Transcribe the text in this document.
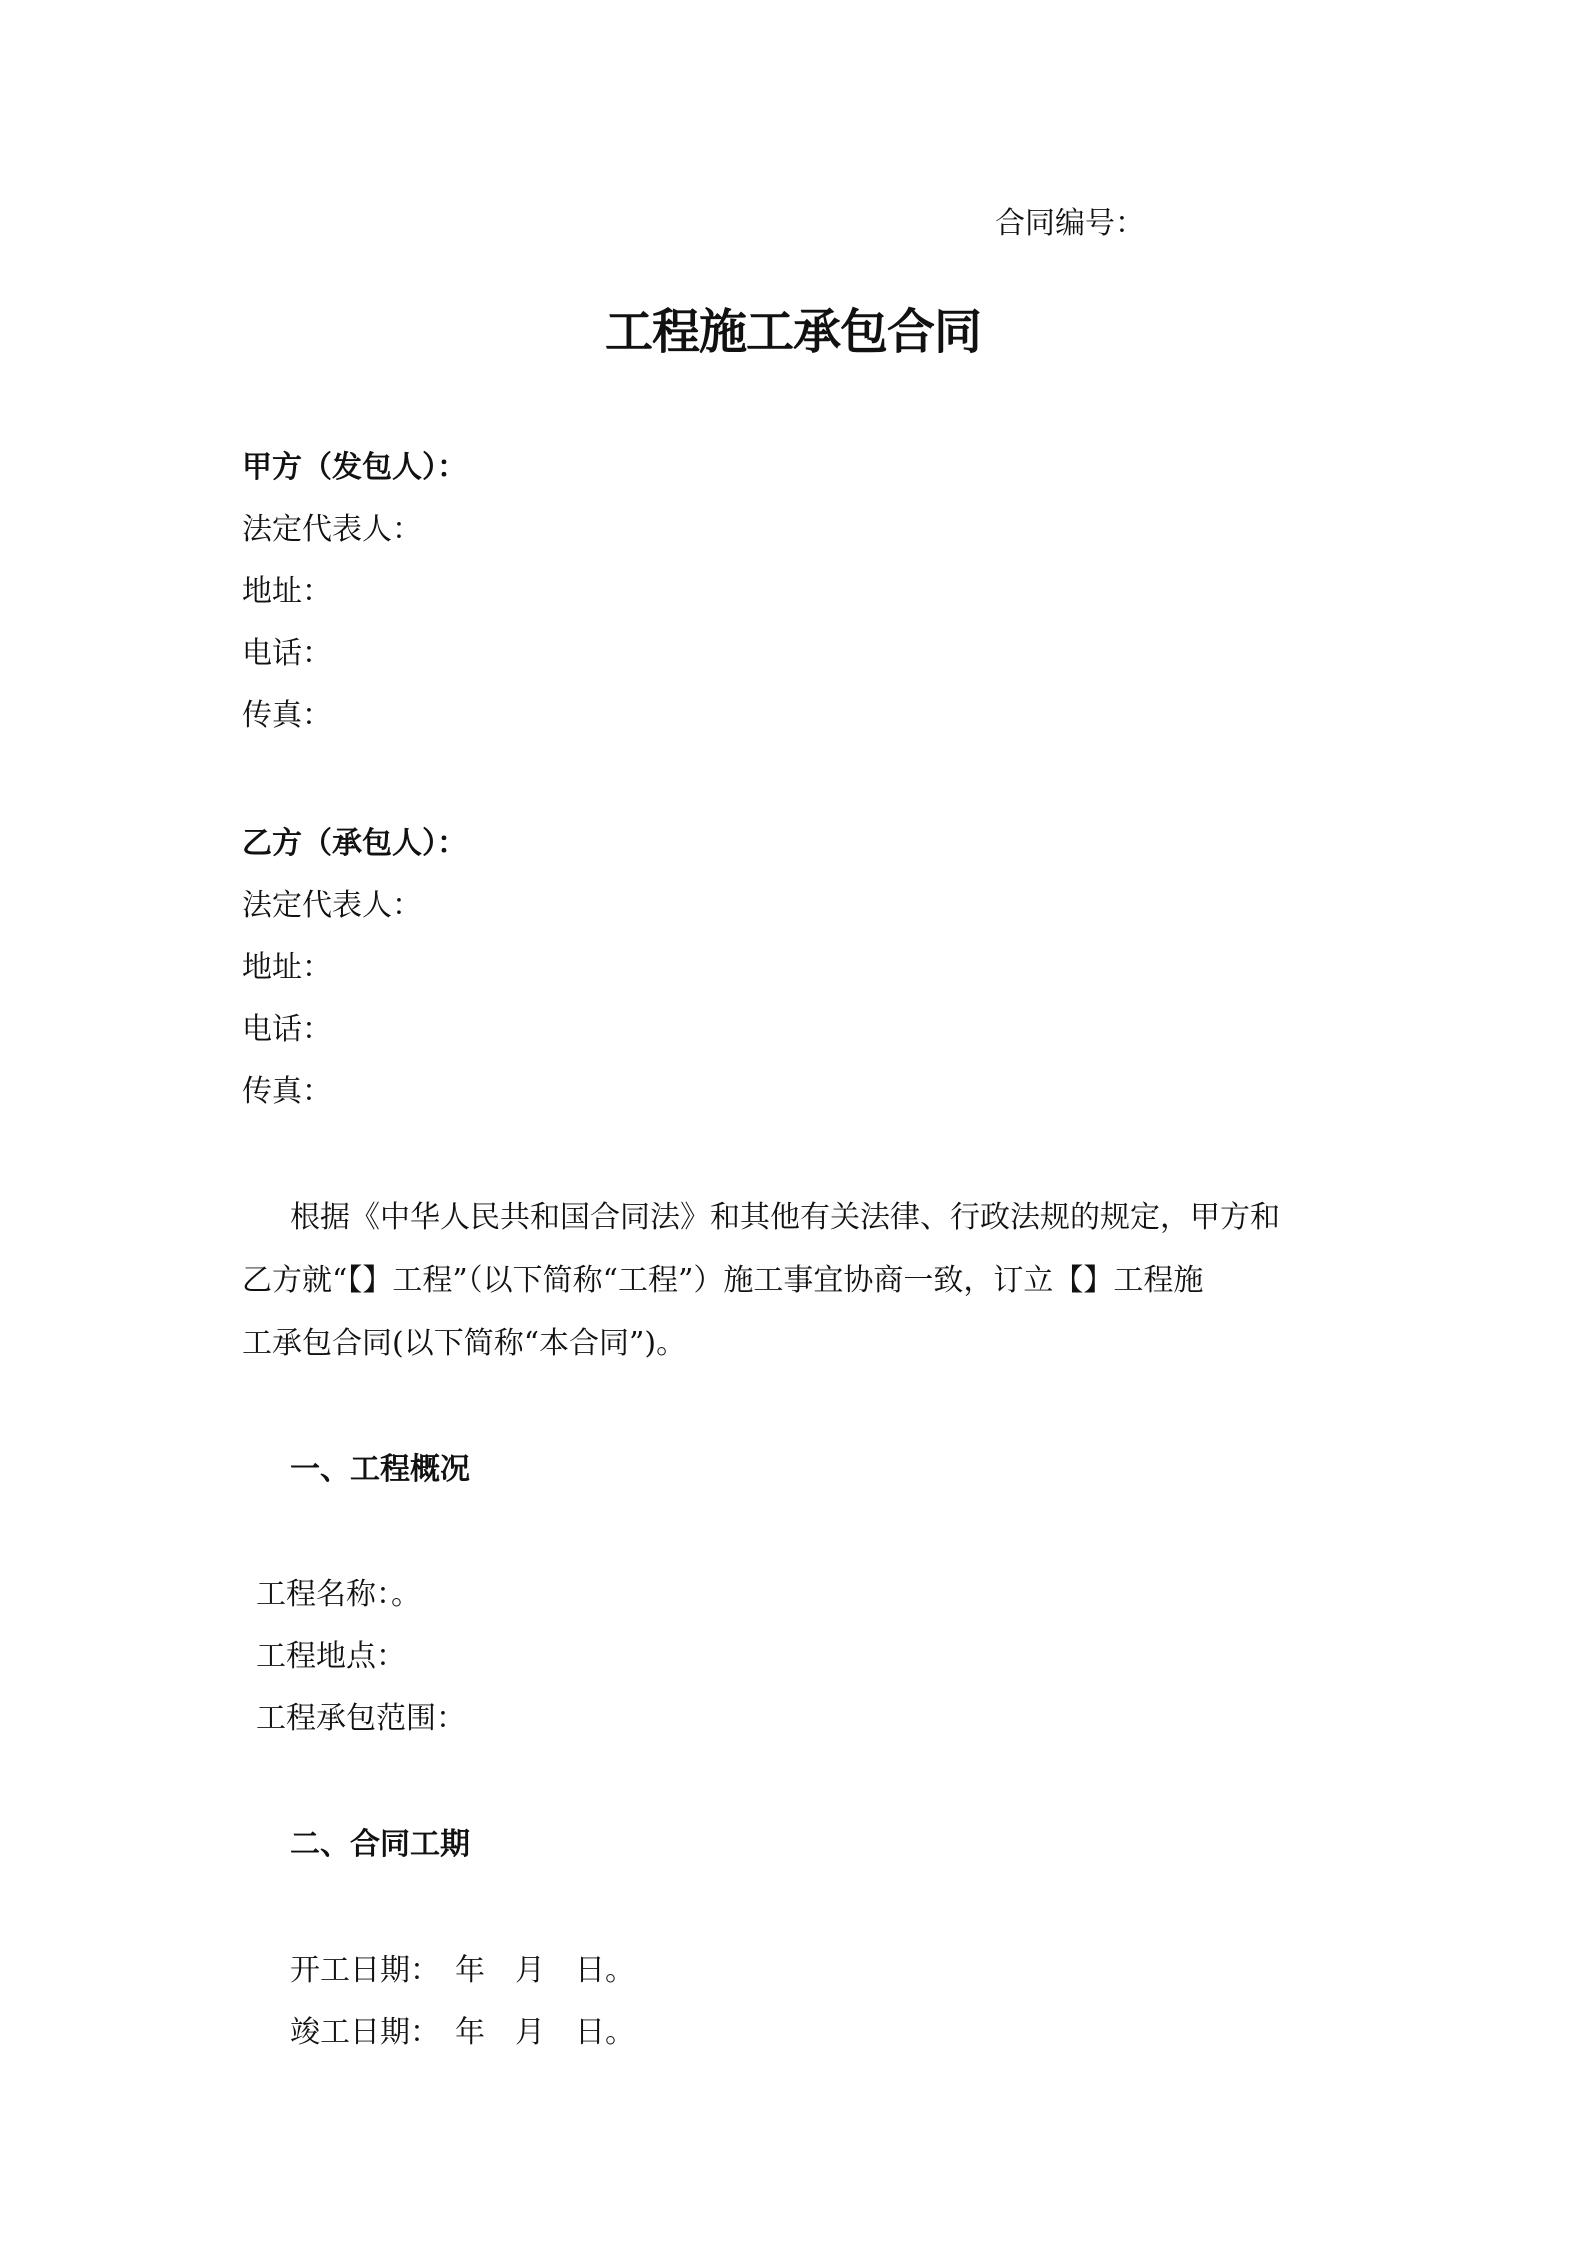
合同编号：
工程施工承包合同
甲方（发包人）：
法定代表人：
地址：
电话：
传真：
乙方（承包人）：
法定代表人：
地址：
电话：
传真：
根据《中华人民共和国合同法》和其他有关法律、行政法规的规定，甲方和
乙方就“【】工程”（以下简称“工程”）施工事宜协商一致，订立【】工程施
工承包合同(以下简称“本合同”)。
一、工程概况
工程名称：。
工程地点：
工程承包范围：
二、合同工期
开工日期：　年　月　日。
竣工日期：　年　月　日。
